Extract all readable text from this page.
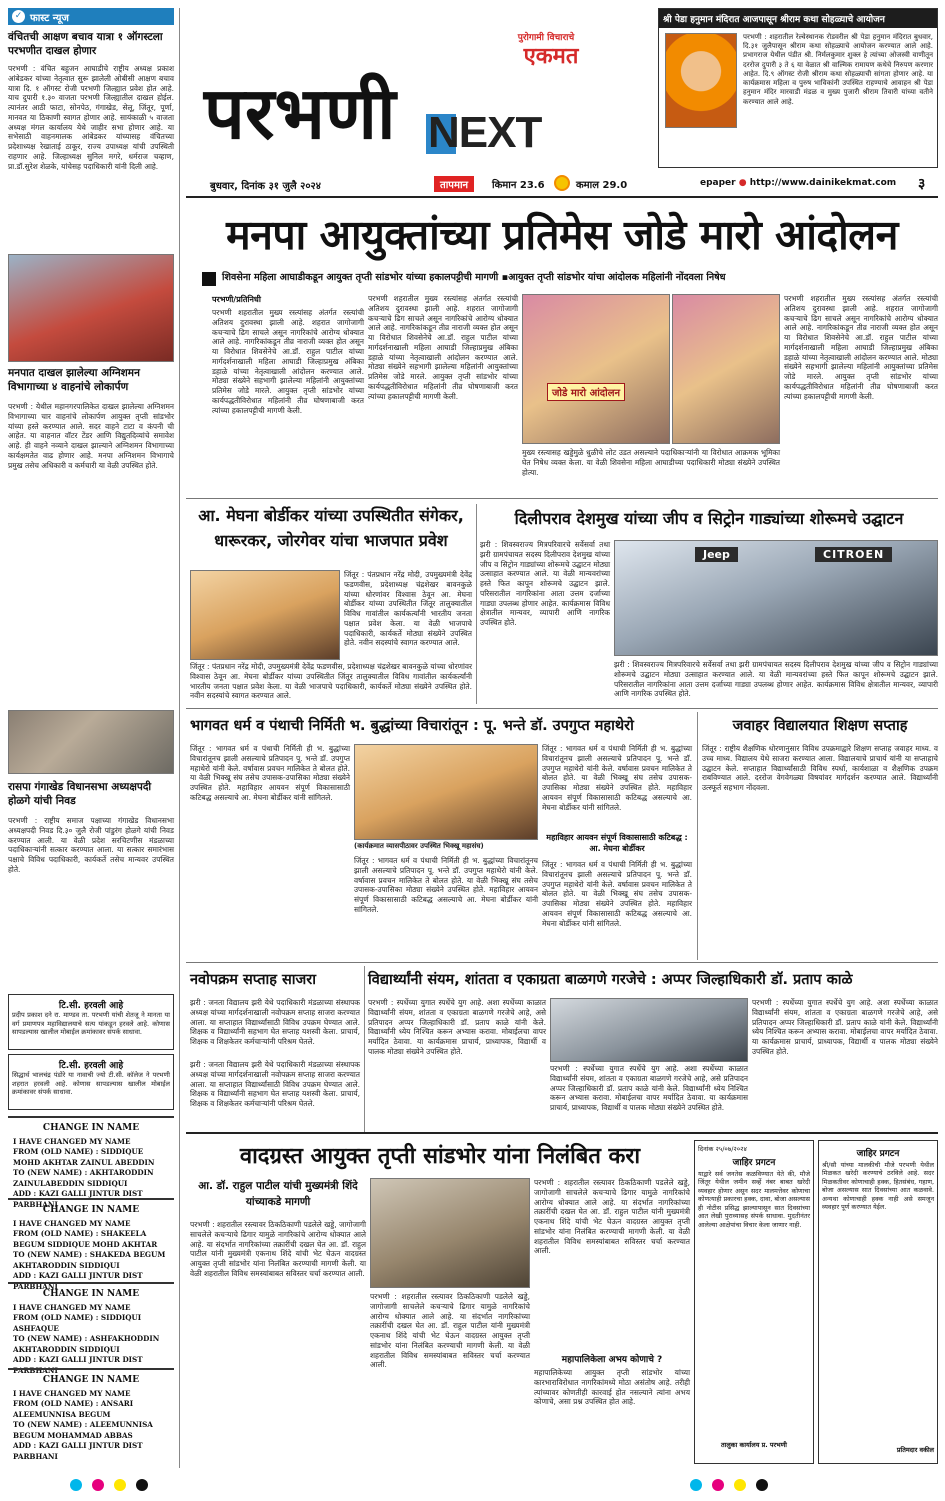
✓ फास्ट न्यूज
पुरोगामी विचाराचे
एकमत
परभणी NEXT
बुधवार, दिनांक ३१ जुलै २०२४	तापमान	किमान 23.6	कमाल 29.0	epaper ● http://www.dainikekmat.com	३
श्री पेडा हनुमान मंदिरात आजपासून श्रीराम कथा सोहळ्याचे आयोजन
परभणी : शहरातील रेल्वेस्थानक रोडवरील श्री पेडा हनुमान मंदिरात बुधवार, दि.३१ जुलैपासून श्रीराम कथा सोहळ्याचे आयोजन करण्यात आले आहे. प्रभागराज येथील पंडीत श्री. निर्मलकुमार शुक्ल हे त्यांच्या ओजस्वी वाणीतून दररोज दुपारी ३ ते ६ या वेळात श्री वाल्मिक रामायण कथेचे निरुपण करणार आहेत. दि.९ ऑगस्ट रोजी श्रीराम कथा सोहळ्याची सांगता होणार आहे. या कार्यक्रमास महिला व पुरुष भाविकांनी उपस्थित राहण्याचे आवाहन श्री पेडा हनुमान मंदिर मारवाडी मंडळ व मुख्य पुजारी श्रीराम तिवारी यांच्या वतीने करण्यात आले आहे.
वंचितची आक्षण बचाव यात्रा १ ऑगस्टला परभणीत दाखल होणार
परभणी : वंचित बहुजन आघाडीचे राष्ट्रीय अध्यक्ष प्रकाश आंबेडकर यांच्या नेतृत्वात सुरू झालेली ओबीसी आक्षण बचाव यात्रा दि. १ ऑगस्ट रोजी परभणी जिल्ह्यात प्रवेश होत आहे. याच दुपारी १.३० वाजता परभणी जिल्ह्यातील दाखल होईल. त्यानंतर आठी फाटा, सोनपेठ, गंगाखेड, सेलू, जिंतूर, पूर्णा, मानवत या ठिकाणी स्वागत होणार आहे. सायंकाळी ५ वाजता अध्यक्ष मंगल कार्यालय येथे जाहीर सभा होणार आहे. या सभेसाठी वाहनमालक आंबेडकर यांच्यासह वंचितच्या प्रदेशाध्यक्ष रेखाताई ठाकूर, राज्य उपाध्यक्ष यांची उपस्थिती राहणार आहे. जिल्हाध्यक्ष सुनिल मगरे, धर्मराज चव्हाण, प्रा.डॉ.सुरेश शेळके, यांचेसह पदाधिकारी यांनी दिली आहे.
मनपात दाखल झालेल्या अग्निशमन विभागाच्या ४ वाहनांचे लोकार्पण
परभणी : येथील महानगरपालिकेत दाखल झालेल्या अग्निशमन विभागाच्या चार वाहनांचे लोकार्पण आयुक्त तृप्ती सांडभोर यांच्या हस्ते करण्यात आले. सदर वाहने टाटा व कंपनी ची आहेत. या वाहनात वॉटर टेंडर आणि विद्युतदिव्यांचे समावेश आहे. ही वाहने नव्याने दाखल झाल्याने अग्निशमन विभागाच्या कार्यक्षमतेत वाढ होणार आहे. मनपा अग्निशमन विभागाचे प्रमुख तसेच अधिकारी व कर्मचारी या वेळी उपस्थित होते.
रासपा गंगाखेड विधानसभा अध्यक्षपदी होळगे यांची निवड
परभणी : राष्ट्रीय समाज पक्षाच्या गंगाखेड विधानसभा अध्यक्षपदी निवड दि.३० जुलै रोजी पांडुरंग होळगे यांची निवड करण्यात आली. या वेळी प्रदेश सरचिटणीस मंडळाच्या पदाधिकाऱ्यांनी सत्कार करण्यात आला. या सत्कार समारंभास पक्षाचे विविध पदाधिकारी, कार्यकर्ते तसेच मान्यवर उपस्थित होते.
टि.सी. हरवली आहे
प्रदीप प्रकाश दने रा. माण्डव ता. परभणी यांची शेतजू ने मानता या वर्ग प्रमाणपत्र महाविद्यालयाचे सत्य यांकडून हरवले आहे. कोणास सापडल्यास खालील मोबाईल क्रमांकावर संपर्क साधावा.
टि.सी. हरवली आहे
सिद्धार्थ भालचंद्र पंडोरे या नावाची ज्यो टी.सी. कॉलेज ने परभणी शहरात हरवली आहे. कोणास सापडल्यास खालील मोबाईल क्रमांकावर संपर्क साधावा.
CHANGE IN NAME
I HAVE CHANGED MY NAME
FROM (OLD NAME) : SIDDIQUE MOHD AKHTAR ZAINUL ABEDDIN
TO (NEW NAME) : AKHTARODDIN ZAINULABEDDIN SIDDIQUI
ADD : KAZI GALLI JINTUR DIST PARBHANI
CHANGE IN NAME
I HAVE CHANGED MY NAME
FROM (OLD NAME) : SHAKEELA BEGUM SIDDIQUE MOHD AKHTAR
TO (NEW NAME) : SHAKEDA BEGUM AKHTARODDIN SIDDIQUI
ADD : KAZI GALLI JINTUR DIST PARBHANI
CHANGE IN NAME
I HAVE CHANGED MY NAME
FROM (OLD NAME) : SIDDIQUI ASHFAQUE
TO (NEW NAME) : ASHFAKHODDIN AKHTARODDIN SIDDIQUI
ADD : KAZI GALLI JINTUR DIST PARBHANI
CHANGE IN NAME
I HAVE CHANGED MY NAME
FROM (OLD NAME) : ANSARI ALEEMUNNISA BEGUM
TO (NEW NAME) : ALEEMUNNISA BEGUM MOHAMMAD ABBAS
ADD : KAZI GALLI JINTUR DIST PARBHANI
मनपा आयुक्तांच्या प्रतिमेस जोडे मारो आंदोलन
शिवसेना महिला आघाडीकडून आयुक्त तृप्ती सांडभोर यांच्या हकालपट्टीची मागणी ▪आयुक्त तृप्ती सांडभोर यांचा आंदोलक महिलांनी नोंदवला निषेध
परभणी/प्रतिनिधी
परभणी शहरातील मुख्य रस्त्यांसह अंतर्गत रस्त्यांची अतिशय दुरावस्था झाली आहे. शहरात जागोजागी कचऱ्याचे ढिग साचले असून नागरिकांचे आरोग्य धोक्यात आले आहे. नागरिकांकडून तीव्र नाराजी व्यक्त होत असून या विरोधात शिवसेनेचे आ.डॉ. राहुल पाटील यांच्या मार्गदर्शनाखाली महिला आघाडी जिल्हाप्रमुख अंबिका डहाळे यांच्या नेतृत्वाखाली आंदोलन करण्यात आले. मोठ्या संख्येने सहभागी झालेल्या महिलांनी आयुक्तांच्या प्रतिमेस जोडे मारले. आयुक्त तृप्ती सांडभोर यांच्या कार्यपद्धतीविरोधात महिलांनी तीव्र घोषणाबाजी करत त्यांच्या हकालपट्टीची मागणी केली.
परभणी शहरातील मुख्य रस्त्यांसह अंतर्गत रस्त्यांची अतिशय दुरावस्था झाली आहे. शहरात जागोजागी कचऱ्याचे ढिग साचले असून नागरिकांचे आरोग्य धोक्यात आले आहे. नागरिकांकडून तीव्र नाराजी व्यक्त होत असून या विरोधात शिवसेनेचे आ.डॉ. राहुल पाटील यांच्या मार्गदर्शनाखाली महिला आघाडी जिल्हाप्रमुख अंबिका डहाळे यांच्या नेतृत्वाखाली आंदोलन करण्यात आले. मोठ्या संख्येने सहभागी झालेल्या महिलांनी आयुक्तांच्या प्रतिमेस जोडे मारले. आयुक्त तृप्ती सांडभोर यांच्या कार्यपद्धतीविरोधात महिलांनी तीव्र घोषणाबाजी करत त्यांच्या हकालपट्टीची मागणी केली.	जोडे मारो आंदोलन
मुख्य रस्त्यासह खड्डेमुळे धुळीचे लोट उडत असल्याने पदाधिकाऱ्यांनी या विरोधात आक्रमक भूमिका घेत निषेध व्यक्त केला. या वेळी शिवसेना महिला आघाडीच्या पदाधिकारी मोठ्या संख्येने उपस्थित होत्या.
परभणी शहरातील मुख्य रस्त्यांसह अंतर्गत रस्त्यांची अतिशय दुरावस्था झाली आहे. शहरात जागोजागी कचऱ्याचे ढिग साचले असून नागरिकांचे आरोग्य धोक्यात आले आहे. नागरिकांकडून तीव्र नाराजी व्यक्त होत असून या विरोधात शिवसेनेचे आ.डॉ. राहुल पाटील यांच्या मार्गदर्शनाखाली महिला आघाडी जिल्हाप्रमुख अंबिका डहाळे यांच्या नेतृत्वाखाली आंदोलन करण्यात आले. मोठ्या संख्येने सहभागी झालेल्या महिलांनी आयुक्तांच्या प्रतिमेस जोडे मारले. आयुक्त तृप्ती सांडभोर यांच्या कार्यपद्धतीविरोधात महिलांनी तीव्र घोषणाबाजी करत त्यांच्या हकालपट्टीची मागणी केली.
आ. मेघना बोर्डीकर यांच्या उपस्थितीत संगेकर, धारूरकर, जोरगेवर यांचा भाजपात प्रवेश
जिंतूर : पंतप्रधान नरेंद्र मोदी, उपमुख्यमंत्री देवेंद्र फडणवीस, प्रदेशाध्यक्ष चंद्रशेखर बावनकुळे यांच्या धोरणांवर विश्वास ठेवून आ. मेघना बोर्डीकर यांच्या उपस्थितीत जिंतूर तालुक्यातील विविध गावांतील कार्यकर्त्यांनी भारतीय जनता पक्षात प्रवेश केला. या वेळी भाजपाचे पदाधिकारी, कार्यकर्ते मोठ्या संख्येने उपस्थित होते. नवीन सदस्यांचे स्वागत करण्यात आले.
जिंतूर : पंतप्रधान नरेंद्र मोदी, उपमुख्यमंत्री देवेंद्र फडणवीस, प्रदेशाध्यक्ष चंद्रशेखर बावनकुळे यांच्या धोरणांवर विश्वास ठेवून आ. मेघना बोर्डीकर यांच्या उपस्थितीत जिंतूर तालुक्यातील विविध गावांतील कार्यकर्त्यांनी भारतीय जनता पक्षात प्रवेश केला. या वेळी भाजपाचे पदाधिकारी, कार्यकर्ते मोठ्या संख्येने उपस्थित होते. नवीन सदस्यांचे स्वागत करण्यात आले.
दिलीपराव देशमुख यांच्या जीप व सिट्रोन गाड्यांच्या शोरूमचे उद्घाटन
झरी : शिवस्वराज्य मित्रपरिवारचे सर्वेसर्वा तथा झरी ग्रामपंचायत सदस्य दिलीपराव देशमुख यांच्या जीप व सिट्रोन गाड्यांच्या शोरूमचे उद्घाटन मोठ्या उत्साहात करण्यात आले. या वेळी मान्यवरांच्या हस्ते फित कापून शोरूमचे उद्घाटन झाले. परिसरातील नागरिकांना आता उत्तम दर्जाच्या गाड्या उपलब्ध होणार आहेत. कार्यक्रमास विविध क्षेत्रातील मान्यवर, व्यापारी आणि नागरिक उपस्थित होते.
Jeep	CITROEN
झरी : शिवस्वराज्य मित्रपरिवारचे सर्वेसर्वा तथा झरी ग्रामपंचायत सदस्य दिलीपराव देशमुख यांच्या जीप व सिट्रोन गाड्यांच्या शोरूमचे उद्घाटन मोठ्या उत्साहात करण्यात आले. या वेळी मान्यवरांच्या हस्ते फित कापून शोरूमचे उद्घाटन झाले. परिसरातील नागरिकांना आता उत्तम दर्जाच्या गाड्या उपलब्ध होणार आहेत. कार्यक्रमास विविध क्षेत्रातील मान्यवर, व्यापारी आणि नागरिक उपस्थित होते.
भागवत धर्म व पंथाची निर्मिती भ. बुद्धांच्या विचारांतून : पू. भन्ते डॉ. उपगुप्त महाथेरो
जिंतूर : भागवत धर्म व पंथाची निर्मिती ही भ. बुद्धांच्या विचारांतूनच झाली असल्याचे प्रतिपादन पू. भन्ते डॉ. उपगुप्त महाथेरो यांनी केले. वर्षावास प्रवचन मालिकेत ते बोलत होते. या वेळी भिक्खू संघ तसेच उपासक-उपासिका मोठ्या संख्येने उपस्थित होते. महाविहार आयवन संपूर्ण विकासासाठी कटिबद्ध असल्याचे आ. मेघना बोर्डीकर यांनी सांगितले.
(कार्यक्रमात व्यासपीठावर उपस्थित भिक्खू महासंघ)
जिंतूर : भागवत धर्म व पंथाची निर्मिती ही भ. बुद्धांच्या विचारांतूनच झाली असल्याचे प्रतिपादन पू. भन्ते डॉ. उपगुप्त महाथेरो यांनी केले. वर्षावास प्रवचन मालिकेत ते बोलत होते. या वेळी भिक्खू संघ तसेच उपासक-उपासिका मोठ्या संख्येने उपस्थित होते. महाविहार आयवन संपूर्ण विकासासाठी कटिबद्ध असल्याचे आ. मेघना बोर्डीकर यांनी सांगितले.
जिंतूर : भागवत धर्म व पंथाची निर्मिती ही भ. बुद्धांच्या विचारांतूनच झाली असल्याचे प्रतिपादन पू. भन्ते डॉ. उपगुप्त महाथेरो यांनी केले. वर्षावास प्रवचन मालिकेत ते बोलत होते. या वेळी भिक्खू संघ तसेच उपासक-उपासिका मोठ्या संख्येने उपस्थित होते. महाविहार आयवन संपूर्ण विकासासाठी कटिबद्ध असल्याचे आ. मेघना बोर्डीकर यांनी सांगितले.
महाविहार आयवन संपूर्ण विकासासाठी कटिबद्ध : आ. मेघना बोर्डीकर
जिंतूर : भागवत धर्म व पंथाची निर्मिती ही भ. बुद्धांच्या विचारांतूनच झाली असल्याचे प्रतिपादन पू. भन्ते डॉ. उपगुप्त महाथेरो यांनी केले. वर्षावास प्रवचन मालिकेत ते बोलत होते. या वेळी भिक्खू संघ तसेच उपासक-उपासिका मोठ्या संख्येने उपस्थित होते. महाविहार आयवन संपूर्ण विकासासाठी कटिबद्ध असल्याचे आ. मेघना बोर्डीकर यांनी सांगितले.
जवाहर विद्यालयात शिक्षण सप्ताह
जिंतूर : राष्ट्रीय शैक्षणिक धोरणानुसार विविध उपक्रमाद्वारे शिक्षण सप्ताह जवाहर माध्य. व उच्च माध्य. विद्यालय येथे साजरा करण्यात आला. विद्यालयाचे प्राचार्य यांनी या सप्ताहाचे उद्घाटन केले. सप्ताहात विद्यार्थ्यांसाठी विविध स्पर्धा, कार्यशाळा व शैक्षणिक उपक्रम राबविण्यात आले. दररोज वेगवेगळ्या विषयांवर मार्गदर्शन करण्यात आले. विद्यार्थ्यांनी उत्स्फूर्त सहभाग नोंदवला.
नवोपक्रम सप्ताह साजरा
झरी : जनता विद्यालय झरी येथे पदाधिकारी मंडळाच्या संस्थापक अध्यक्ष यांच्या मार्गदर्शनाखाली नवोपक्रम सप्ताह साजरा करण्यात आला. या सप्ताहात विद्यार्थ्यांसाठी विविध उपक्रम घेण्यात आले. शिक्षक व विद्यार्थ्यांनी सहभाग घेत सप्ताह यशस्वी केला. प्राचार्य, शिक्षक व शिक्षकेतर कर्मचाऱ्यांनी परिश्रम घेतले.
झरी : जनता विद्यालय झरी येथे पदाधिकारी मंडळाच्या संस्थापक अध्यक्ष यांच्या मार्गदर्शनाखाली नवोपक्रम सप्ताह साजरा करण्यात आला. या सप्ताहात विद्यार्थ्यांसाठी विविध उपक्रम घेण्यात आले. शिक्षक व विद्यार्थ्यांनी सहभाग घेत सप्ताह यशस्वी केला. प्राचार्य, शिक्षक व शिक्षकेतर कर्मचाऱ्यांनी परिश्रम घेतले.
विद्यार्थ्यांनी संयम, शांतता व एकाग्रता बाळगणे गरजेचे : अप्पर जिल्हाधिकारी डॉ. प्रताप काळे
परभणी : स्पर्धेच्या युगात स्पर्धेचे युग आहे. अशा स्पर्धेच्या काळात विद्यार्थ्यांनी संयम, शांतता व एकाग्रता बाळगणे गरजेचे आहे, असे प्रतिपादन अप्पर जिल्हाधिकारी डॉ. प्रताप काळे यांनी केले. विद्यार्थ्यांनी ध्येय निश्चित करून अभ्यास करावा. मोबाईलचा वापर मर्यादित ठेवावा. या कार्यक्रमास प्राचार्य, प्राध्यापक, विद्यार्थी व पालक मोठ्या संख्येने उपस्थित होते.
परभणी : स्पर्धेच्या युगात स्पर्धेचे युग आहे. अशा स्पर्धेच्या काळात विद्यार्थ्यांनी संयम, शांतता व एकाग्रता बाळगणे गरजेचे आहे, असे प्रतिपादन अप्पर जिल्हाधिकारी डॉ. प्रताप काळे यांनी केले. विद्यार्थ्यांनी ध्येय निश्चित करून अभ्यास करावा. मोबाईलचा वापर मर्यादित ठेवावा. या कार्यक्रमास प्राचार्य, प्राध्यापक, विद्यार्थी व पालक मोठ्या संख्येने उपस्थित होते.
परभणी : स्पर्धेच्या युगात स्पर्धेचे युग आहे. अशा स्पर्धेच्या काळात विद्यार्थ्यांनी संयम, शांतता व एकाग्रता बाळगणे गरजेचे आहे, असे प्रतिपादन अप्पर जिल्हाधिकारी डॉ. प्रताप काळे यांनी केले. विद्यार्थ्यांनी ध्येय निश्चित करून अभ्यास करावा. मोबाईलचा वापर मर्यादित ठेवावा. या कार्यक्रमास प्राचार्य, प्राध्यापक, विद्यार्थी व पालक मोठ्या संख्येने उपस्थित होते.
वादग्रस्त आयुक्त तृप्ती सांडभोर यांना निलंबित करा
आ. डॉ. राहुल पाटील यांची मुख्यमंत्री शिंदे यांच्याकडे मागणी
परभणी : शहरातील रस्त्यावर ठिकठिकाणी पडलेले खड्डे, जागोजागी साचलेले कचऱ्याचे ढिगार यामुळे नागरिकांचे आरोग्य धोक्यात आले आहे. या संदर्भात नागरिकांच्या तक्रारींची दखल घेत आ. डॉ. राहुल पाटील यांनी मुख्यमंत्री एकनाथ शिंदे यांची भेट घेऊन वादग्रस्त आयुक्त तृप्ती सांडभोर यांना निलंबित करण्याची मागणी केली. या वेळी शहरातील विविध समस्यांबाबत सविस्तर चर्चा करण्यात आली.
परभणी : शहरातील रस्त्यावर ठिकठिकाणी पडलेले खड्डे, जागोजागी साचलेले कचऱ्याचे ढिगार यामुळे नागरिकांचे आरोग्य धोक्यात आले आहे. या संदर्भात नागरिकांच्या तक्रारींची दखल घेत आ. डॉ. राहुल पाटील यांनी मुख्यमंत्री एकनाथ शिंदे यांची भेट घेऊन वादग्रस्त आयुक्त तृप्ती सांडभोर यांना निलंबित करण्याची मागणी केली. या वेळी शहरातील विविध समस्यांबाबत सविस्तर चर्चा करण्यात आली.
परभणी : शहरातील रस्त्यावर ठिकठिकाणी पडलेले खड्डे, जागोजागी साचलेले कचऱ्याचे ढिगार यामुळे नागरिकांचे आरोग्य धोक्यात आले आहे. या संदर्भात नागरिकांच्या तक्रारींची दखल घेत आ. डॉ. राहुल पाटील यांनी मुख्यमंत्री एकनाथ शिंदे यांची भेट घेऊन वादग्रस्त आयुक्त तृप्ती सांडभोर यांना निलंबित करण्याची मागणी केली. या वेळी शहरातील विविध समस्यांबाबत सविस्तर चर्चा करण्यात आली.
महापालिकेला अभय कोणाचे ?
महापालिकेच्या आयुक्त तृप्ती सांडभोर यांच्या कारभाराविरोधात नागरिकांमध्ये मोठा असंतोष आहे. तरीही त्यांच्यावर कोणतीही कारवाई होत नसल्याने त्यांना अभय कोणाचे, असा प्रश्न उपस्थित होत आहे.
दिनांक २५/०७/२०२४
जाहिर प्रगटन
याद्वारे सर्व जनतेस कळविण्यात येते की, मौजे जिंतूर येथील जमीन सर्व्हे नंबर बाबत खरेदी व्यवहार होणार असून सदर मालमत्तेवर कोणाचा कोणत्याही प्रकारचा हक्क, दावा, बोजा असल्यास ही नोटीस प्रसिद्ध झाल्यापासून सात दिवसांच्या आत लेखी पुराव्यासह संपर्क साधावा. मुदतीनंतर आलेल्या आक्षेपांचा विचार केला जाणार नाही.
तालुका कार्यालय प्र. परभणी
जाहिर प्रगटन
श्री/सौ यांच्या मालकीची मौजे परभणी येथील मिळकत खरेदी करण्याचे ठरविले आहे. सदर मिळकतीवर कोणाचाही हक्क, हितसंबंध, गहाण, बोजा असल्यास सात दिवसांच्या आत कळवावे. अन्यथा कोणाचाही हक्क नाही असे समजून व्यवहार पूर्ण करण्यात येईल.
प्रतिमदार वकील
